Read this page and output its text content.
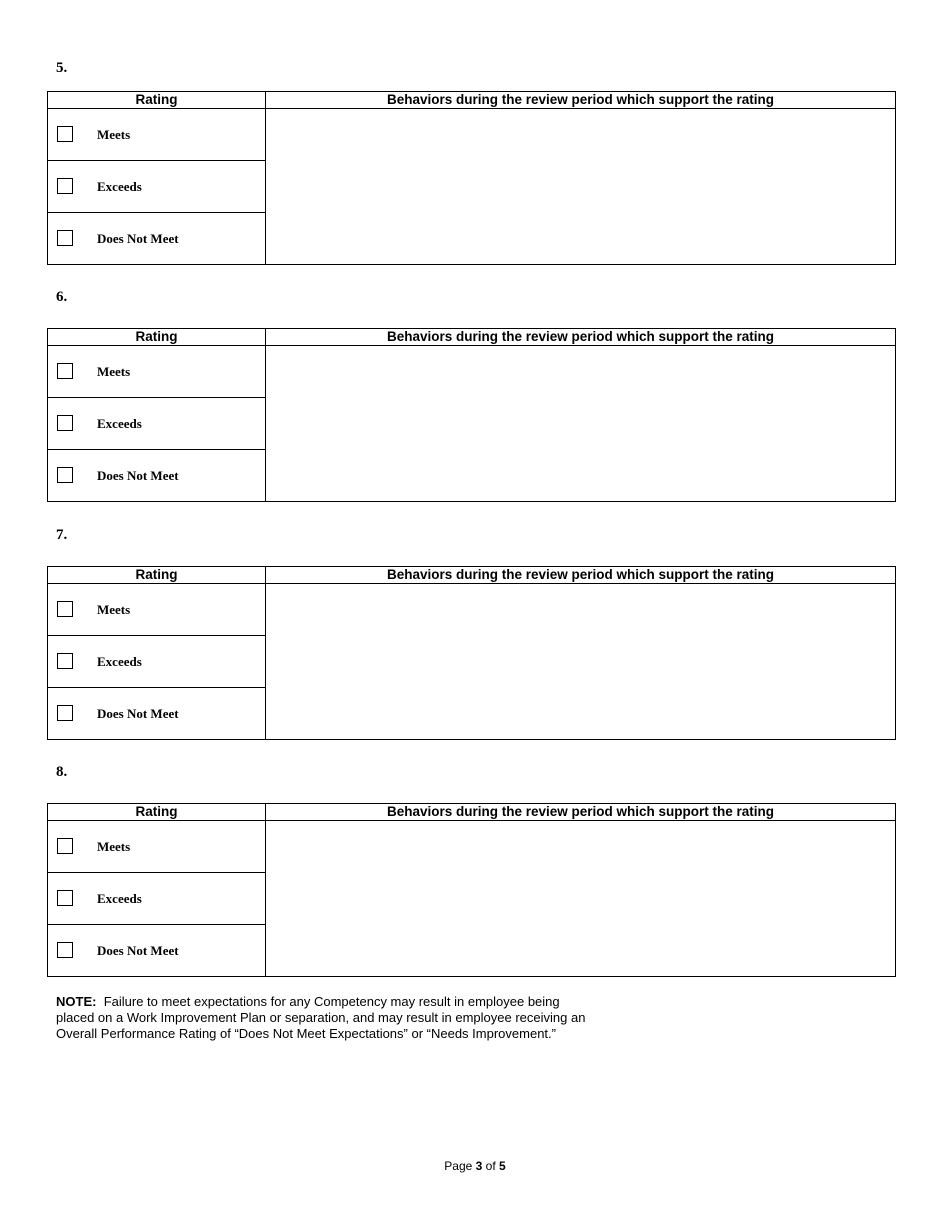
5.
Rating	Behaviors during the review period which support the rating

Meets	

Exceeds	

Does Not Meet	
6.
Rating	Behaviors during the review period which support the rating

Meets	

Exceeds	

Does Not Meet	
7.
Rating	Behaviors during the review period which support the rating

Meets	

Exceeds	

Does Not Meet	
8.
Rating	Behaviors during the review period which support the rating

Meets	

Exceeds	

Does Not Meet	
NOTE: Failure to meet expectations for any Competency may result in employee being placed on a Work Improvement Plan or separation, and may result in employee receiving an Overall Performance Rating of “Does Not Meet Expectations” or “Needs Improvement.”
Page 3 of 5
